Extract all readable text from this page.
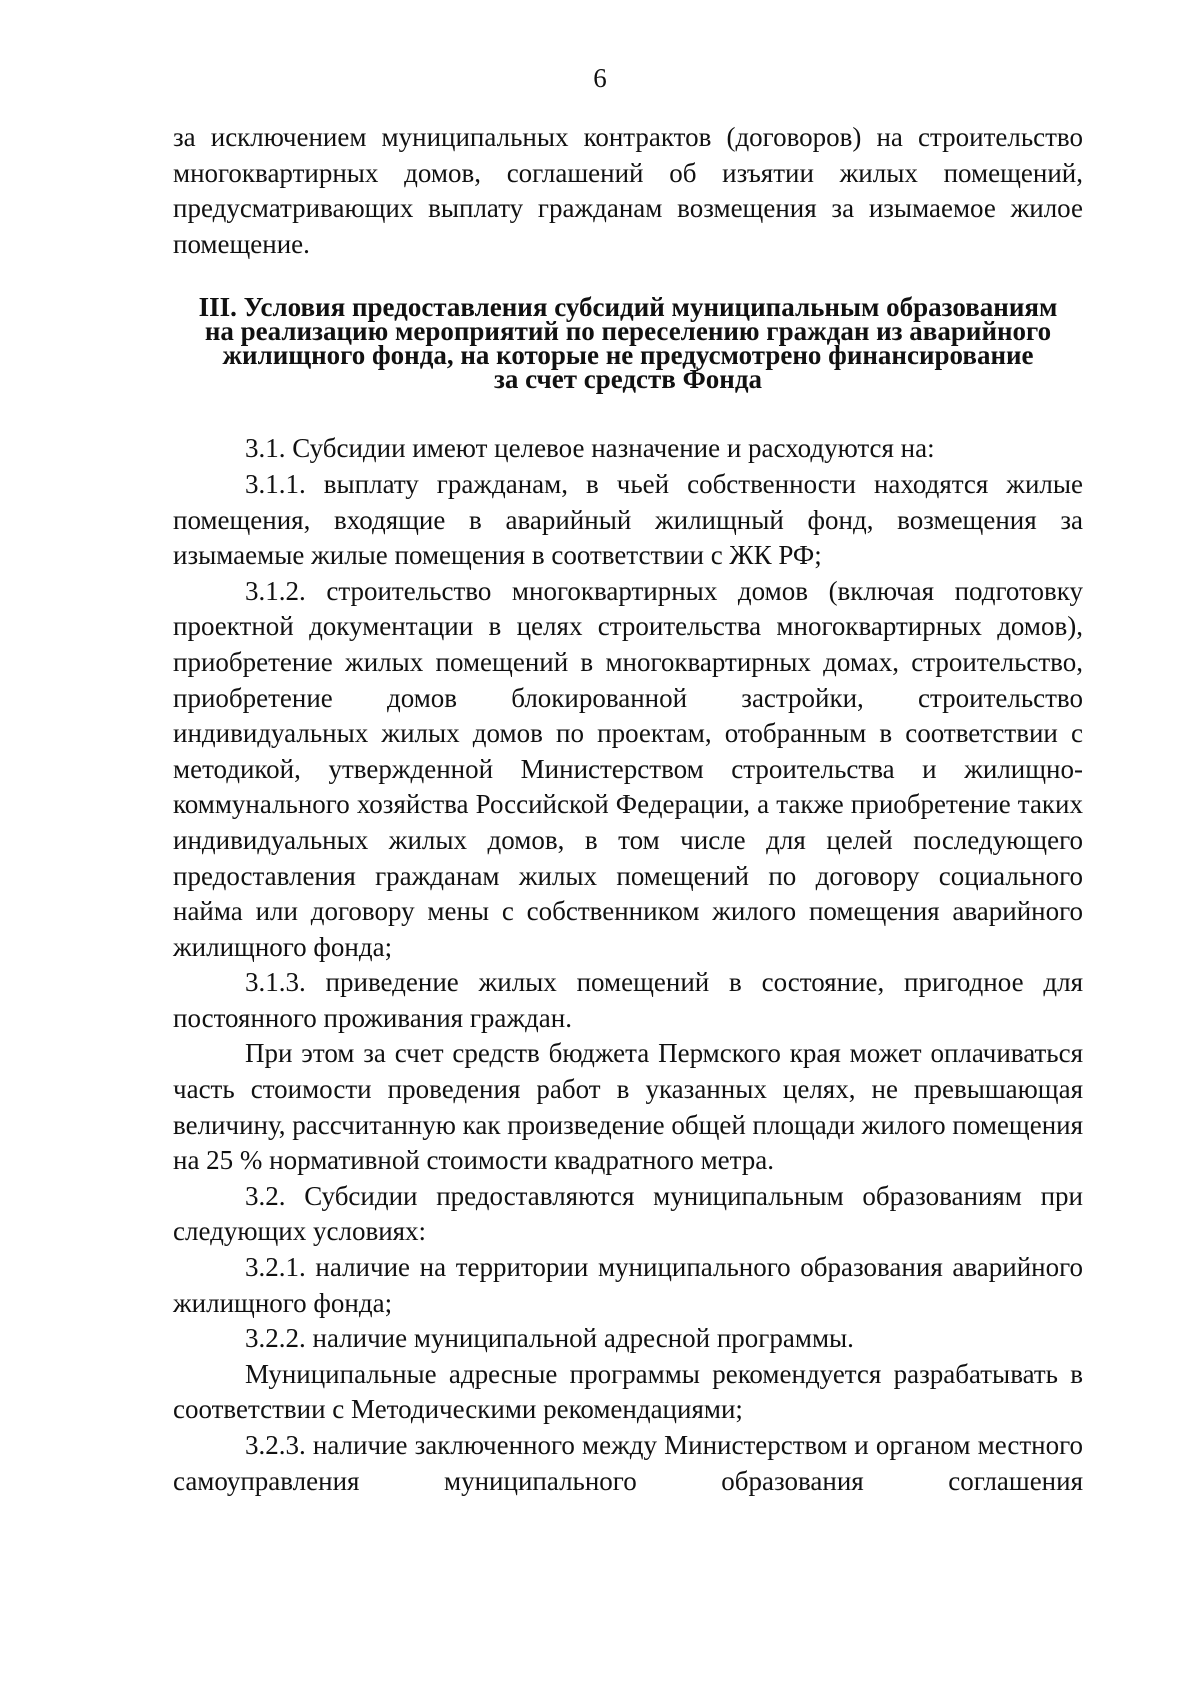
6

за исключением муниципальных контрактов (договоров) на строительство многоквартирных домов, соглашений об изъятии жилых помещений, предусматривающих выплату гражданам возмещения за изымаемое жилое помещение.

III. Условия предоставления субсидий муниципальным образованиям
на реализацию мероприятий по переселению граждан из аварийного
жилищного фонда, на которые не предусмотрено финансирование
за счет средств Фонда

3.1. Субсидии имеют целевое назначение и расходуются на:

3.1.1. выплату гражданам, в чьей собственности находятся жилые помещения, входящие в аварийный жилищный фонд, возмещения за изымаемые жилые помещения в соответствии с ЖК РФ;

3.1.2. строительство многоквартирных домов (включая подготовку проектной документации в целях строительства многоквартирных домов), приобретение жилых помещений в многоквартирных домах, строительство, приобретение домов блокированной застройки, строительство индивидуальных жилых домов по проектам, отобранным в соответствии с методикой, утвержденной Министерством строительства и жилищно-коммунального хозяйства Российской Федерации, а также приобретение таких индивидуальных жилых домов, в том числе для целей последующего предоставления гражданам жилых помещений по договору социального найма или договору мены с собственником жилого помещения аварийного жилищного фонда;

3.1.3. приведение жилых помещений в состояние, пригодное для постоянного проживания граждан.

При этом за счет средств бюджета Пермского края может оплачиваться часть стоимости проведения работ в указанных целях, не превышающая величину, рассчитанную как произведение общей площади жилого помещения на 25 % нормативной стоимости квадратного метра.

3.2. Субсидии предоставляются муниципальным образованиям при следующих условиях:

3.2.1. наличие на территории муниципального образования аварийного жилищного фонда;

3.2.2. наличие муниципальной адресной программы.

Муниципальные адресные программы рекомендуется разрабатывать в соответствии с Методическими рекомендациями;

3.2.3. наличие заключенного между Министерством и органом местного самоуправления муниципального образования соглашения
